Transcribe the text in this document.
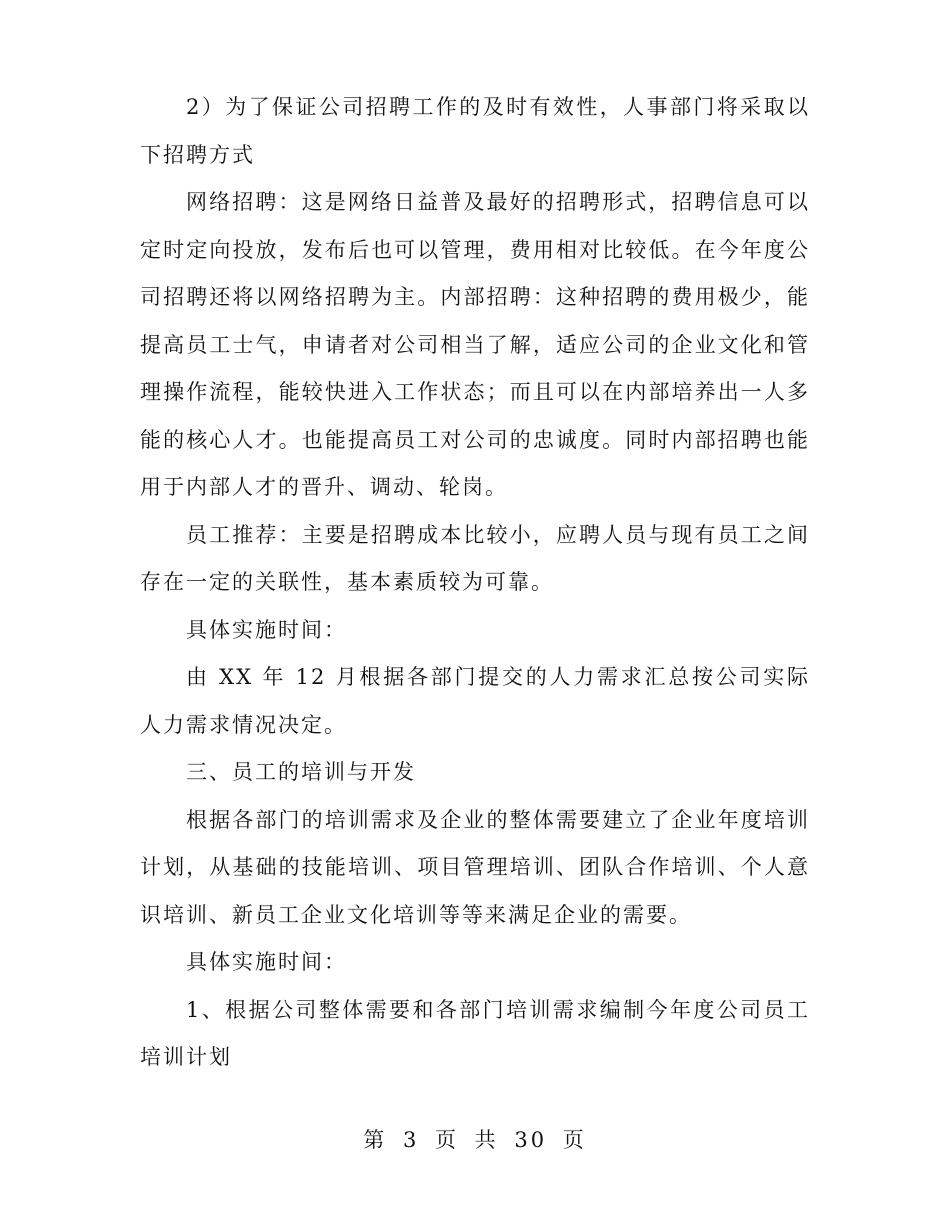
2）为了保证公司招聘工作的及时有效性，人事部门将采取以下招聘方式

网络招聘：这是网络日益普及最好的招聘形式，招聘信息可以定时定向投放，发布后也可以管理，费用相对比较低。在今年度公司招聘还将以网络招聘为主。内部招聘：这种招聘的费用极少，能提高员工士气，申请者对公司相当了解，适应公司的企业文化和管理操作流程，能较快进入工作状态；而且可以在内部培养出一人多能的核心人才。也能提高员工对公司的忠诚度。同时内部招聘也能用于内部人才的晋升、调动、轮岗。

员工推荐：主要是招聘成本比较小，应聘人员与现有员工之间存在一定的关联性，基本素质较为可靠。

具体实施时间：

由 XX 年 12 月根据各部门提交的人力需求汇总按公司实际人力需求情况决定。

三、员工的培训与开发

根据各部门的培训需求及企业的整体需要建立了企业年度培训计划，从基础的技能培训、项目管理培训、团队合作培训、个人意识培训、新员工企业文化培训等等来满足企业的需要。

具体实施时间：

1、根据公司整体需要和各部门培训需求编制今年度公司员工培训计划

第 3 页 共 30 页
